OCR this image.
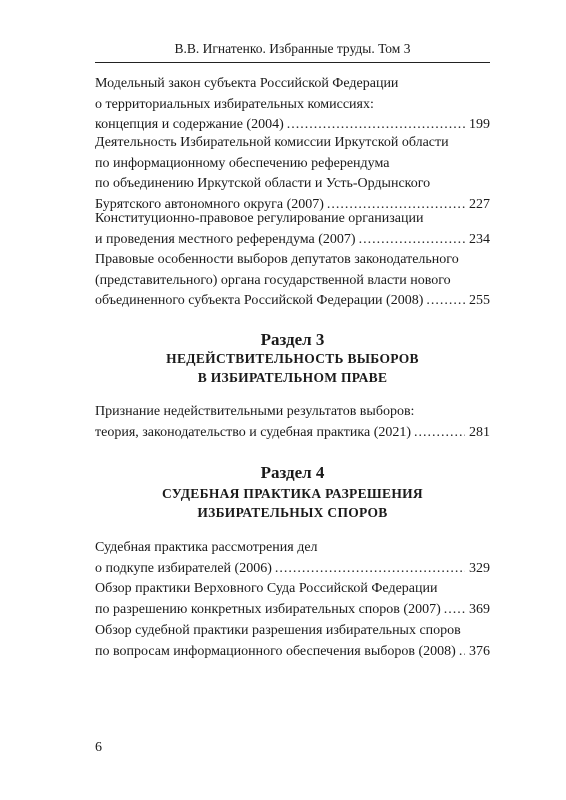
В.В. Игнатенко. Избранные труды. Том 3
Модельный закон субъекта Российской Федерации
о территориальных избирательных комиссиях:
концепция и содержание (2004) .....	199
Деятельность Избирательной комиссии Иркутской области
по информационному обеспечению референдума
по объединению Иркутской области и Усть-Ордынского
Бурятского автономного округа (2007) .....	227
Конституционно-правовое регулирование организации
и проведения местного референдума (2007) .....	234
Правовые особенности выборов депутатов законодательного
(представительного) органа государственной власти нового
объединенного субъекта Российской Федерации (2008) .....	255
Раздел 3
НЕДЕЙСТВИТЕЛЬНОСТЬ ВЫБОРОВ
В ИЗБИРАТЕЛЬНОМ ПРАВЕ
Признание недействительными результатов выборов:
теория, законодательство и судебная практика (2021) .....	281
Раздел 4
СУДЕБНАЯ ПРАКТИКА РАЗРЕШЕНИЯ
ИЗБИРАТЕЛЬНЫХ СПОРОВ
Судебная практика рассмотрения дел
о подкупе избирателей (2006) .....	329
Обзор практики Верховного Суда Российской Федерации
по разрешению конкретных избирательных споров (2007) ..... 369
Обзор судебной практики разрешения избирательных споров
по вопросам информационного обеспечения выборов (2008) ..... 376
6
